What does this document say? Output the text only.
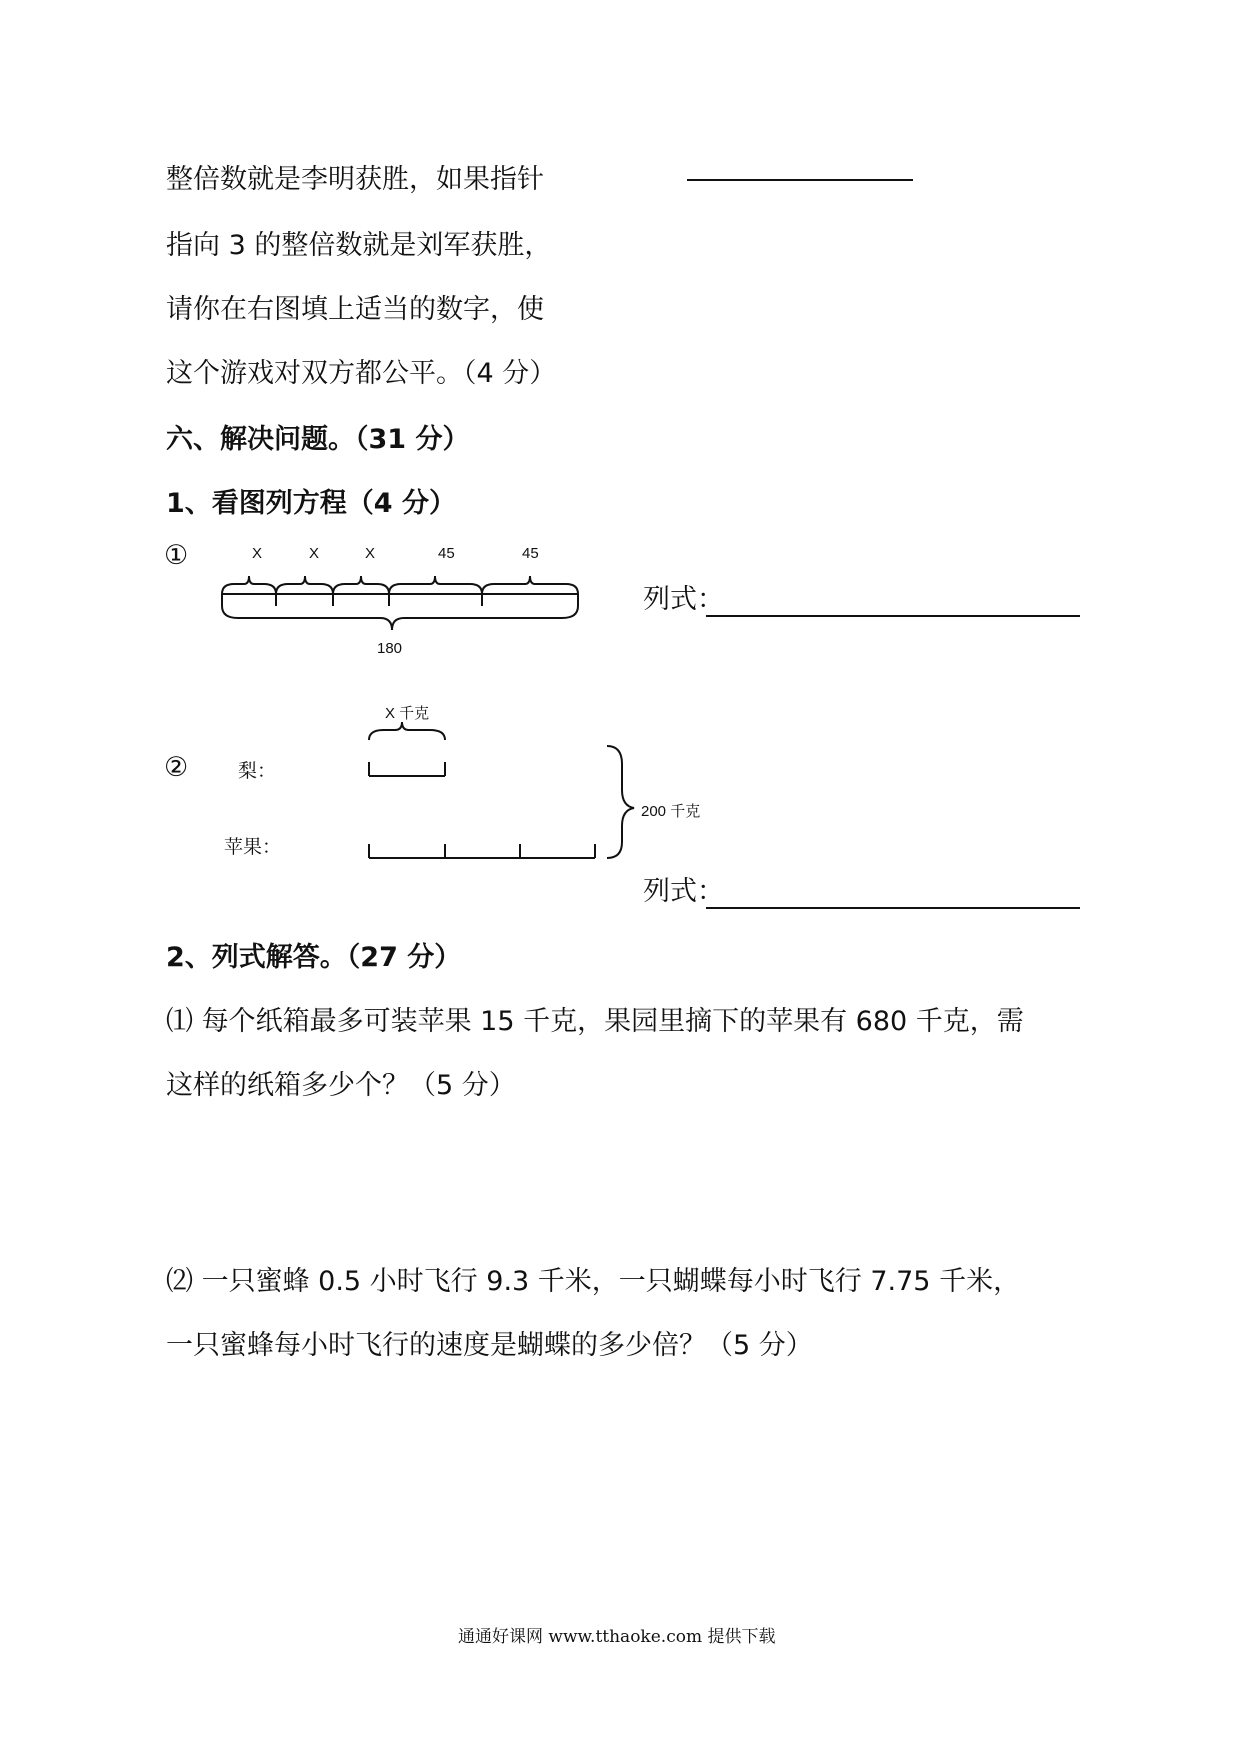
整倍数就是李明获胜，如果指针
指向 3 的整倍数就是刘军获胜，
请你在右图填上适当的数字，使
这个游戏对双方都公平。（4 分）
六、解决问题。（31 分）
1、看图列方程（4 分）
①	X	X	X	45	45
180
列式：
X 千克
②	梨：
苹果：
200 千克
列式：
2、列式解答。（27 分）
⑴ 每个纸箱最多可装苹果 15 千克，果园里摘下的苹果有 680 千克，需
这样的纸箱多少个？（5 分）
⑵ 一只蜜蜂 0.5 小时飞行 9.3 千米，一只蝴蝶每小时飞行 7.75 千米，
一只蜜蜂每小时飞行的速度是蝴蝶的多少倍？（5 分）
通通好课网 www.tthaoke.com 提供下载
